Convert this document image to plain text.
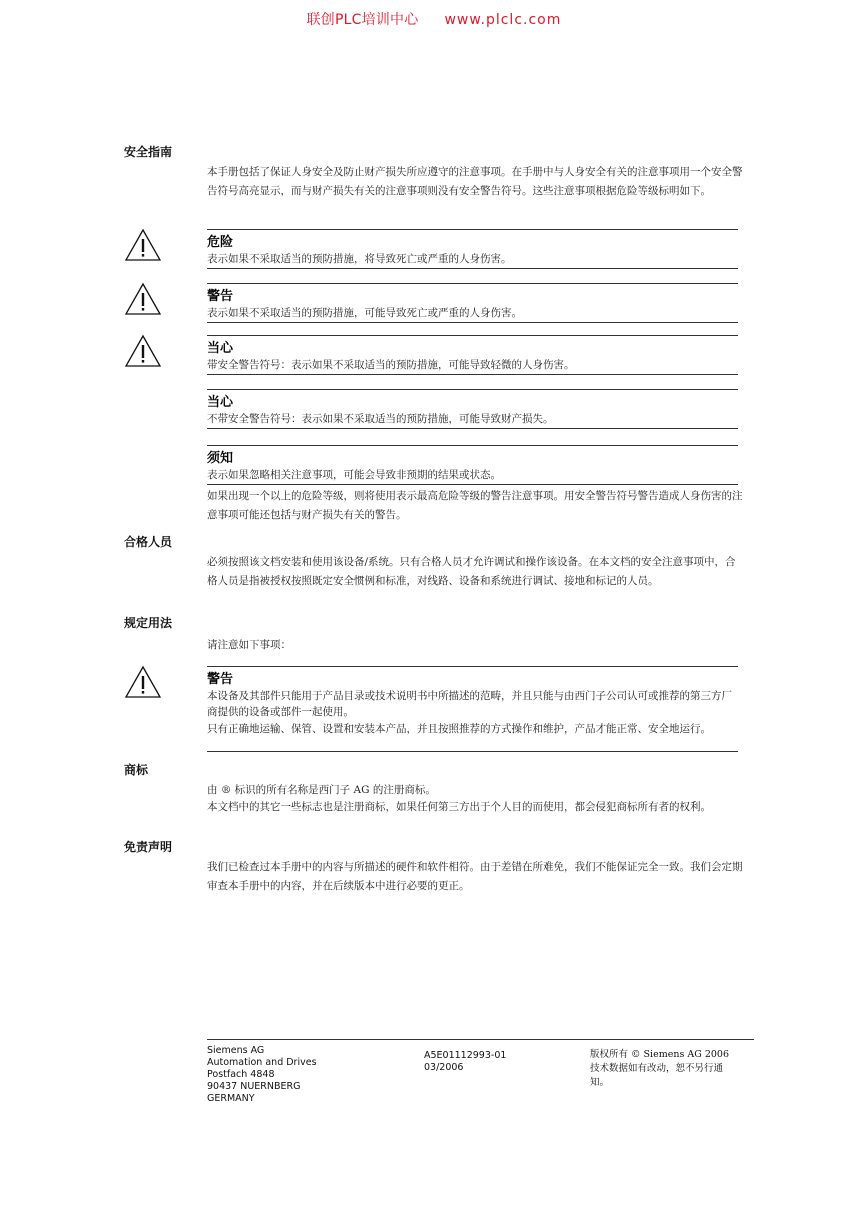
联创PLC培训中心 www.plclc.com
安全指南
本手册包括了保证人身安全及防止财产损失所应遵守的注意事项。在手册中与人身安全有关的注意事项用一个安全警告符号高亮显示，而与财产损失有关的注意事项则没有安全警告符号。这些注意事项根据危险等级标明如下。
危险
表示如果不采取适当的预防措施，将导致死亡或严重的人身伤害。
警告
表示如果不采取适当的预防措施，可能导致死亡或严重的人身伤害。
当心
带安全警告符号：表示如果不采取适当的预防措施，可能导致轻微的人身伤害。
当心
不带安全警告符号：表示如果不采取适当的预防措施，可能导致财产损失。
须知
表示如果忽略相关注意事项，可能会导致非预期的结果或状态。
如果出现一个以上的危险等级，则将使用表示最高危险等级的警告注意事项。用安全警告符号警告造成人身伤害的注意事项可能还包括与财产损失有关的警告。
合格人员
必须按照该文档安装和使用该设备/系统。只有合格人员才允许调试和操作该设备。在本文档的安全注意事项中，合格人员是指被授权按照既定安全惯例和标准，对线路、设备和系统进行调试、接地和标记的人员。
规定用法
请注意如下事项：
警告
本设备及其部件只能用于产品目录或技术说明书中所描述的范畴，并且只能与由西门子公司认可或推荐的第三方厂商提供的设备或部件一起使用。
只有正确地运输、保管、设置和安装本产品，并且按照推荐的方式操作和维护，产品才能正常、安全地运行。
商标
由 ® 标识的所有名称是西门子 AG 的注册商标。
本文档中的其它一些标志也是注册商标，如果任何第三方出于个人目的而使用，都会侵犯商标所有者的权利。
免责声明
我们已检查过本手册中的内容与所描述的硬件和软件相符。由于差错在所难免，我们不能保证完全一致。我们会定期审查本手册中的内容，并在后续版本中进行必要的更正。
Siemens AG
Automation and Drives
Postfach 4848
90437 NUERNBERG
GERMANY
A5E01112993-01
03/2006
版权所有 © Siemens AG 2006
技术数据如有改动，恕不另行通
知。
